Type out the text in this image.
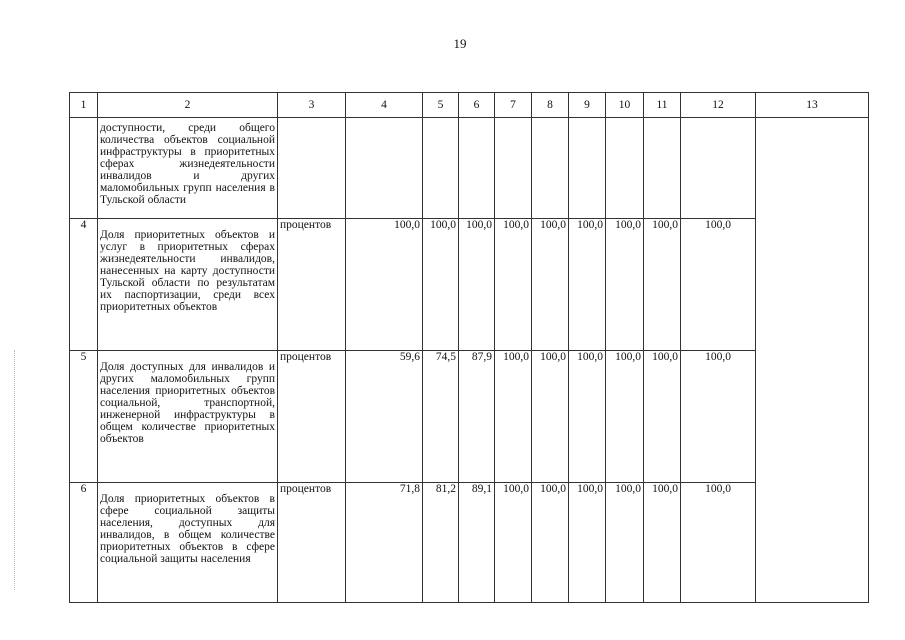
19
1	2	3	4	5	6	7	8	9	10	11	12	13
	доступности, среди общего количества объектов социальной инфраструктуры в приоритетных сферах жизнедеятельности инвалидов и других маломобильных групп населения в Тульской области											
4	Доля приоритетных объектов и услуг в приоритетных сферах жизнедеятельности инвалидов, нанесенных на карту доступности Тульской области по результатам их паспортизации, среди всех приоритетных объектов	процентов	100,0	100,0	100,0	100,0	100,0	100,0	100,0	100,0	100,0	
5	Доля доступных для инвалидов и других маломобильных групп населения приоритетных объектов социальной, транспортной, инженерной инфраструктуры в общем количестве приоритетных объектов	процентов	59,6	74,5	87,9	100,0	100,0	100,0	100,0	100,0	100,0	
6	Доля приоритетных объектов в сфере социальной защиты населения, доступных для инвалидов, в общем количестве приоритетных объектов в сфере социальной защиты населения	процентов	71,8	81,2	89,1	100,0	100,0	100,0	100,0	100,0	100,0	
